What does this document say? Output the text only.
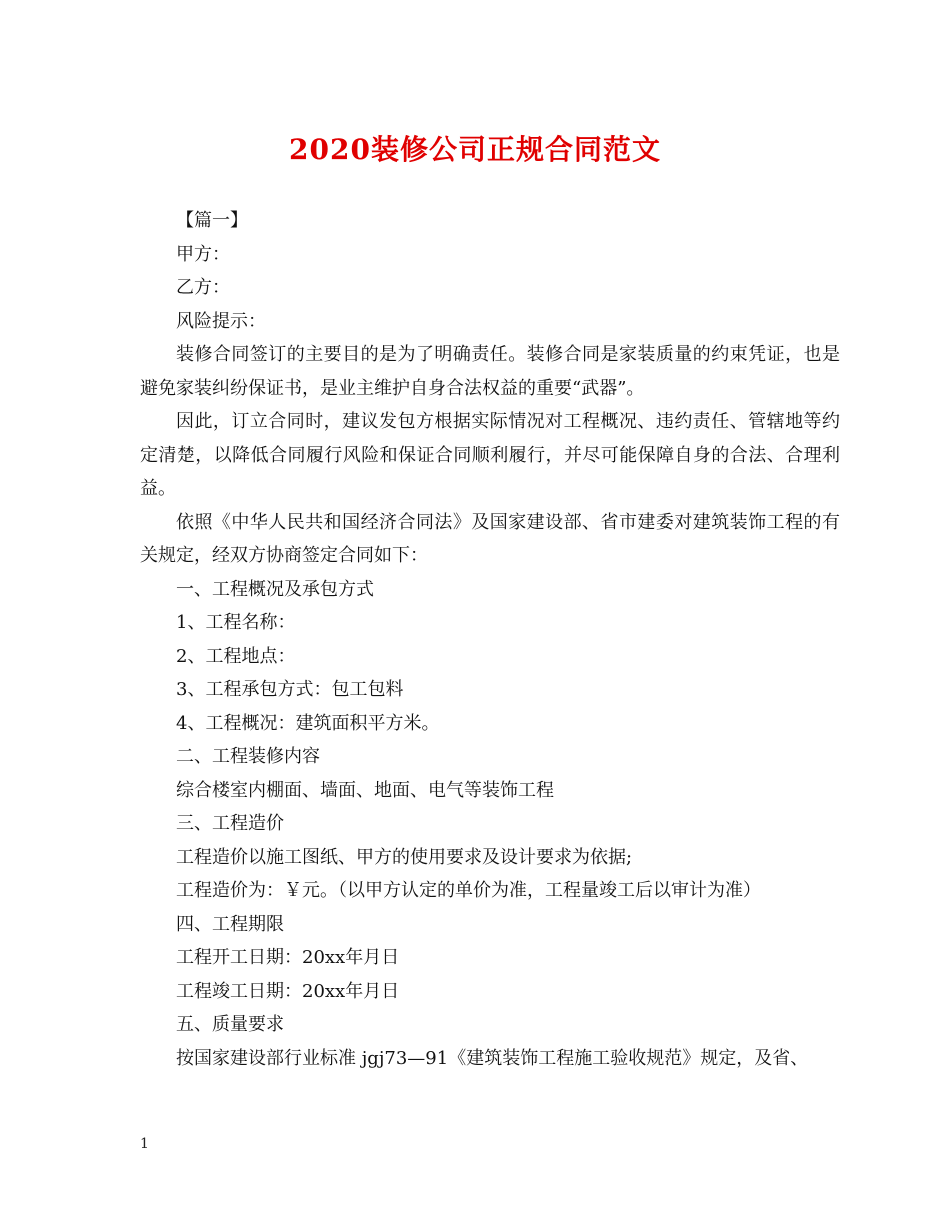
2020装修公司正规合同范文

【篇一】

甲方：

乙方：

风险提示：

装修合同签订的主要目的是为了明确责任。装修合同是家装质量的约束凭证，也是避免家装纠纷保证书，是业主维护自身合法权益的重要“武器”。

因此，订立合同时，建议发包方根据实际情况对工程概况、违约责任、管辖地等约定清楚，以降低合同履行风险和保证合同顺利履行，并尽可能保障自身的合法、合理利益。

依照《中华人民共和国经济合同法》及国家建设部、省市建委对建筑装饰工程的有关规定，经双方协商签定合同如下：

一、工程概况及承包方式

1、工程名称：

2、工程地点：

3、工程承包方式：包工包料

4、工程概况：建筑面积平方米。

二、工程装修内容

综合楼室内棚面、墙面、地面、电气等装饰工程

三、工程造价

工程造价以施工图纸、甲方的使用要求及设计要求为依据;

工程造价为：￥元。（以甲方认定的单价为准，工程量竣工后以审计为准）

四、工程期限

工程开工日期：20xx年月日

工程竣工日期：20xx年月日

五、质量要求

按国家建设部行业标准 jgj73—91《建筑装饰工程施工验收规范》规定，及省、

1
